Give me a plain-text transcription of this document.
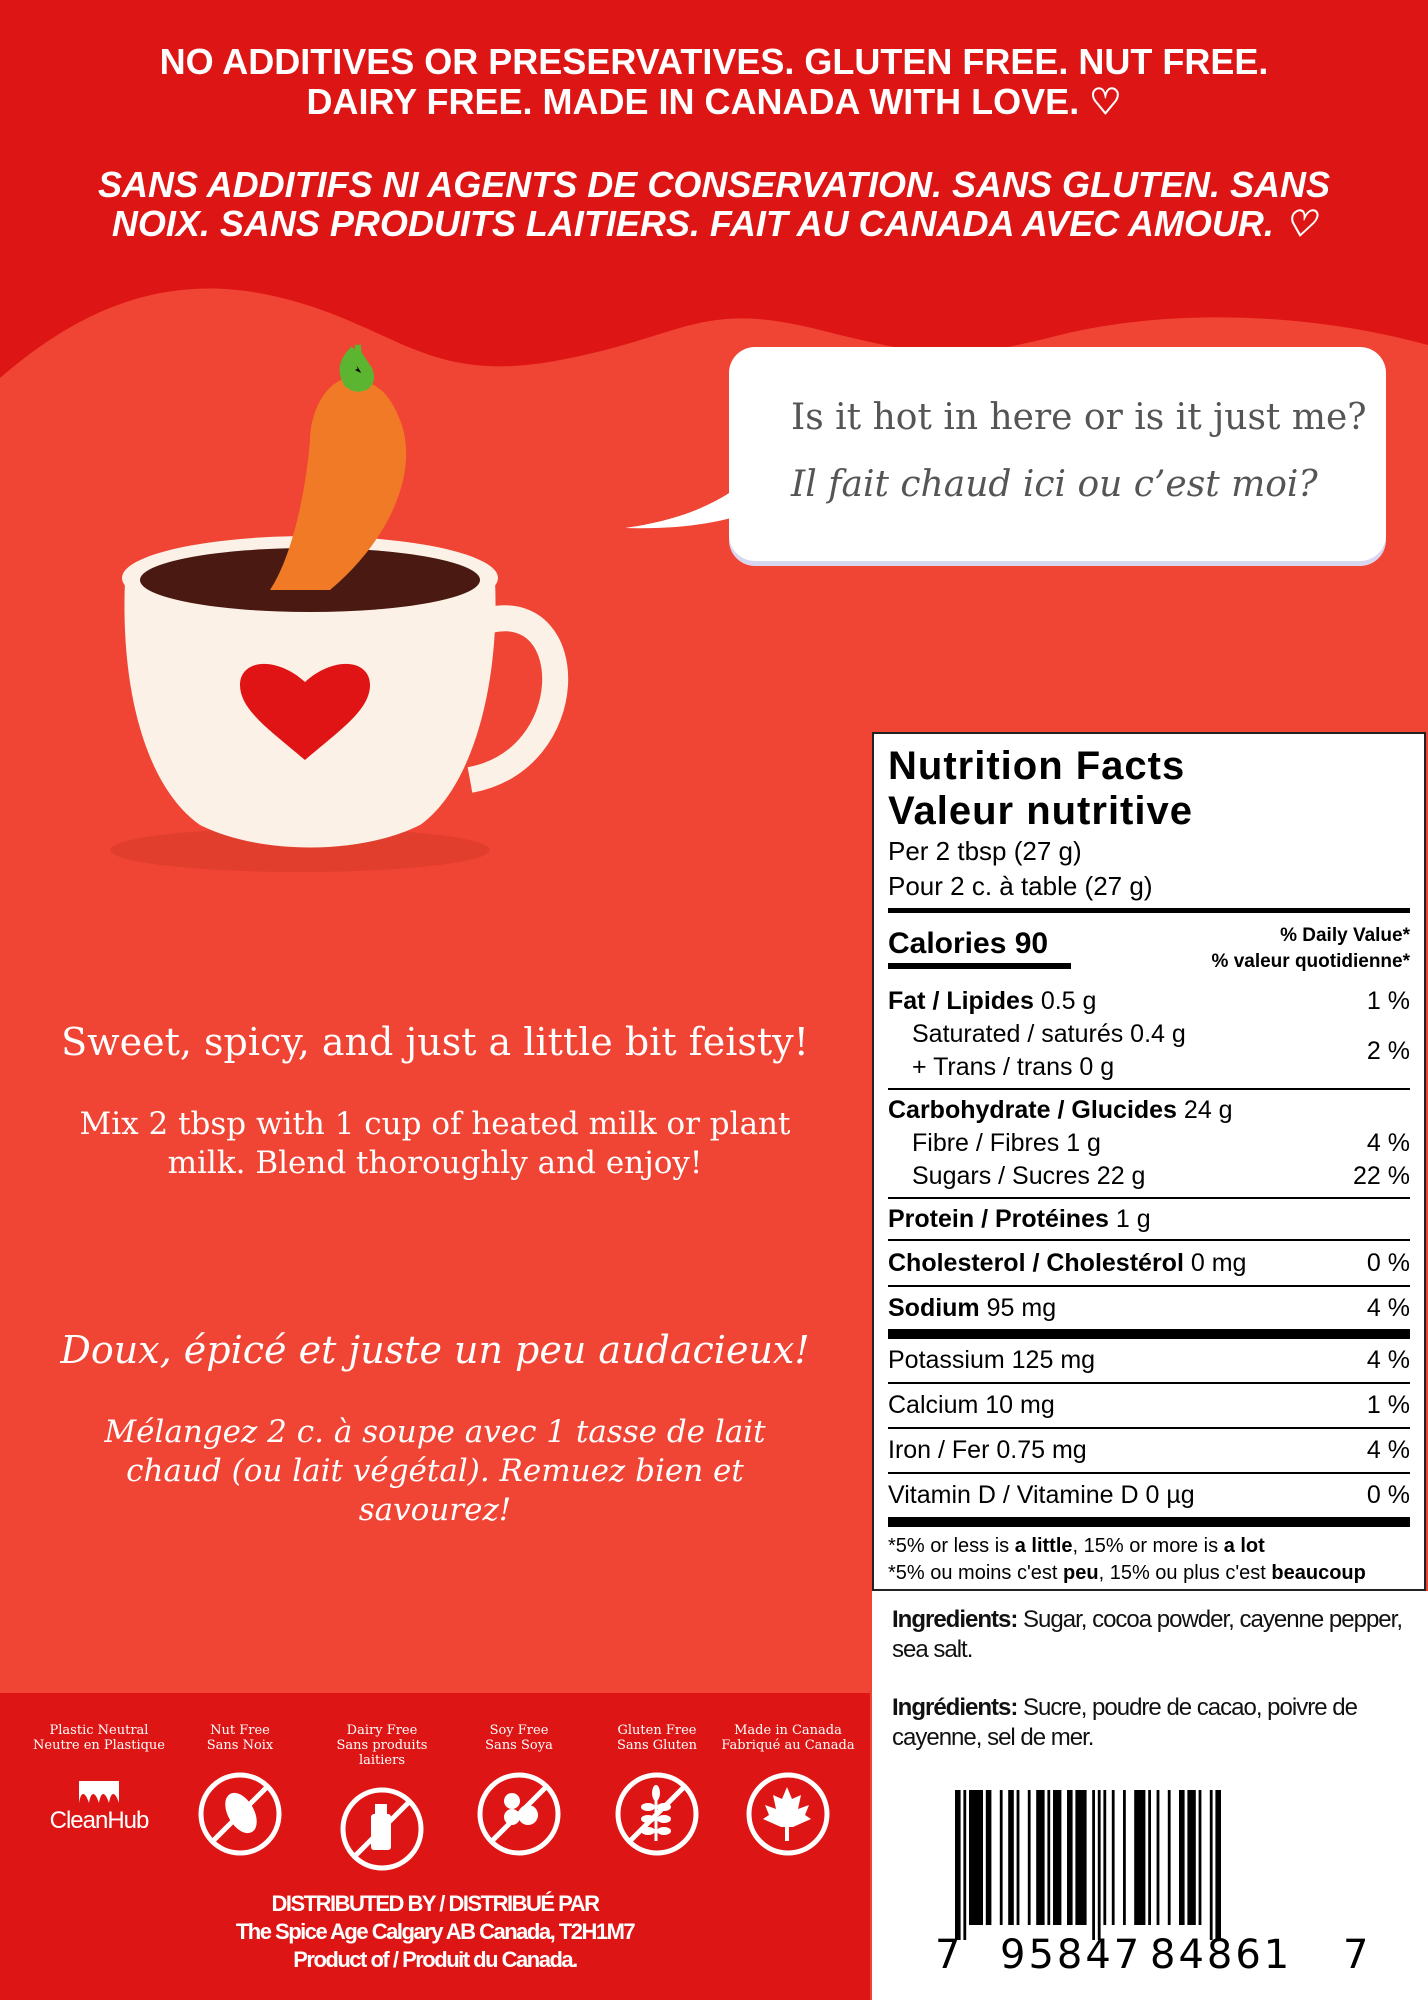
NO ADDITIVES OR PRESERVATIVES. GLUTEN FREE. NUT FREE.
DAIRY FREE. MADE IN CANADA WITH LOVE. ♡
SANS ADDITIFS NI AGENTS DE CONSERVATION. SANS GLUTEN. SANS
NOIX. SANS PRODUITS LAITIERS. FAIT AU CANADA AVEC AMOUR. ♡
Is it hot in here or is it just me?
Il fait chaud ici ou c’est moi?
Sweet, spicy, and just a little bit feisty!
Mix 2 tbsp with 1 cup of heated milk or plant
milk. Blend thoroughly and enjoy!
Doux, épicé et juste un peu audacieux!
Mélangez 2 c. à soupe avec 1 tasse de lait
chaud (ou lait végétal). Remuez bien et
savourez!
Nutrition Facts
Valeur nutritive
Per 2 tbsp (27 g)
Pour 2 c. à table (27 g)
Calories 90	% Daily Value*
% valeur quotidienne*
Fat / Lipides 0.5 g	1 %
Saturated / saturés 0.4 g
+ Trans / trans 0 g
2 %
Carbohydrate / Glucides 24 g
Fibre / Fibres 1 g	4 %
Sugars / Sucres 22 g	22 %
Protein / Protéines 1 g
Cholesterol / Cholestérol 0 mg	0 %
Sodium 95 mg	4 %
Potassium 125 mg	4 %
Calcium 10 mg	1 %
Iron / Fer 0.75 mg	4 %
Vitamin D / Vitamine D 0 µg	0 %
*5% or less is a little, 15% or more is a lot
*5% ou moins c'est peu, 15% ou plus c'est beaucoup

Ingredients: Sugar, cocoa powder, cayenne pepper, sea salt.

Ingrédients: Sucre, poudre de cacao, poivre de cayenne, sel de mer.

7 95847 84861 7
Plastic Neutral
Neutre en Plastique
CleanHub
Nut Free
Sans Noix
Dairy Free
Sans produits laitiers
Soy Free
Sans Soya
Gluten Free
Sans Gluten
Made in Canada
Fabriqué au Canada
DISTRIBUTED BY / DISTRIBUÉ PAR
The Spice Age Calgary AB Canada, T2H1M7
Product of / Produit du Canada.
